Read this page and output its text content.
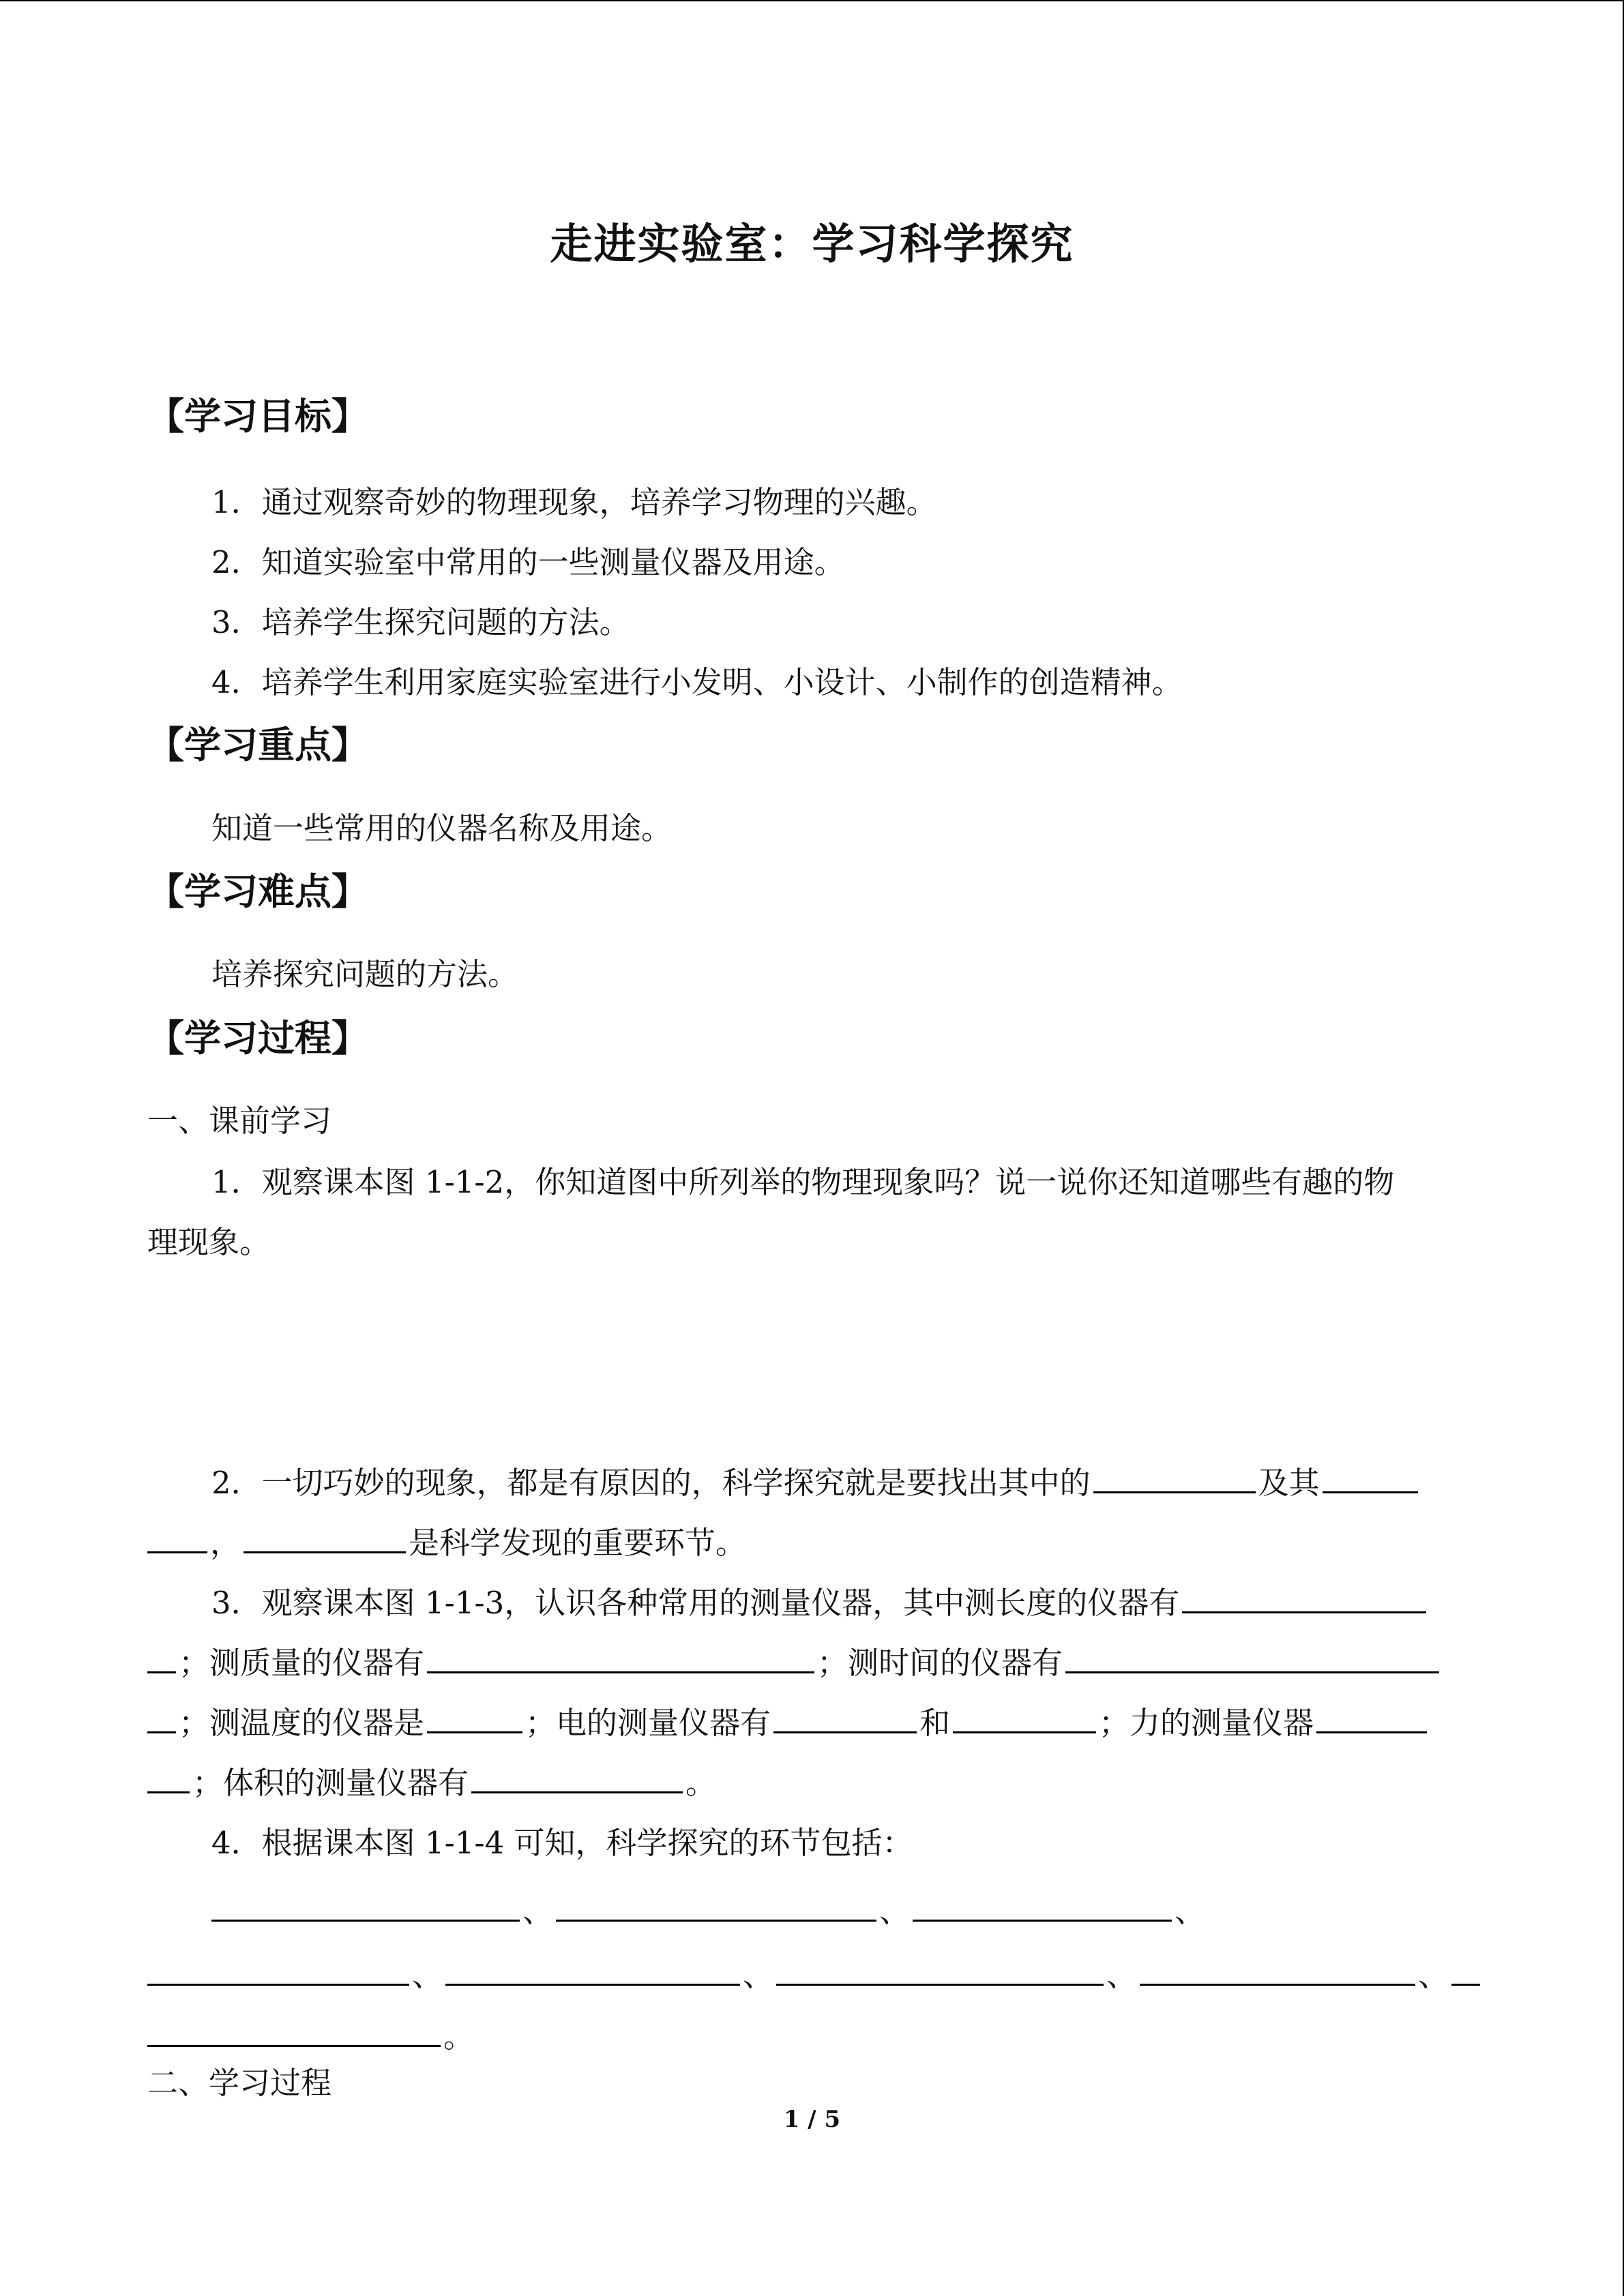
走进实验室：学习科学探究
【学习目标】
1．通过观察奇妙的物理现象，培养学习物理的兴趣。
2．知道实验室中常用的一些测量仪器及用途。
3．培养学生探究问题的方法。
4．培养学生利用家庭实验室进行小发明、小设计、小制作的创造精神。
【学习重点】
知道一些常用的仪器名称及用途。
【学习难点】
培养探究问题的方法。
【学习过程】
一、课前学习
1．观察课本图 1-1-2，你知道图中所列举的物理现象吗？说一说你还知道哪些有趣的物
理现象。
2．一切巧妙的现象，都是有原因的，科学探究就是要找出其中的	及其
，	是科学发现的重要环节。
3．观察课本图 1-1-3，认识各种常用的测量仪器，其中测长度的仪器有
；测质量的仪器有	；测时间的仪器有
；测温度的仪器是	；电的测量仪器有	和	；力的测量仪器
；体积的测量仪器有	。
4．根据课本图 1-1-4 可知，科学探究的环节包括：
、	、	、
、	、	、	、
。
二、学习过程
1 / 5
